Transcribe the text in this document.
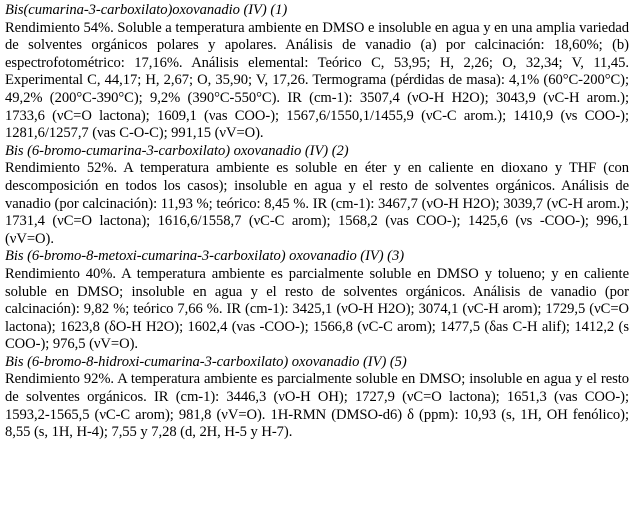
Bis(cumarina-3-carboxilato)oxovanadio (IV) (1)
Rendimiento 54%. Soluble a temperatura ambiente en DMSO e insoluble en agua y en una amplia variedad de solventes orgánicos polares y apolares. Análisis de vanadio (a) por calcinación: 18,60%; (b) espectrofotométrico: 17,16%. Análisis elemental: Teórico C, 53,95; H, 2,26; O, 32,34; V, 11,45. Experimental C, 44,17; H, 2,67; O, 35,90; V, 17,26. Termograma (pérdidas de masa): 4,1% (60°C-200°C); 49,2% (200°C-390°C); 9,2% (390°C-550°C). IR (cm-1): 3507,4 (νO-H H2O); 3043,9 (νC-H arom.); 1733,6 (νC=O lactona); 1609,1 (νas COO-); 1567,6/1550,1/1455,9 (νC-C arom.); 1410,9 (νs COO-); 1281,6/1257,7 (νas C-O-C); 991,15 (νV=O).
Bis (6-bromo-cumarina-3-carboxilato) oxovanadio (IV) (2)
Rendimiento 52%. A temperatura ambiente es soluble en éter y en caliente en dioxano y THF (con descomposición en todos los casos); insoluble en agua y el resto de solventes orgánicos. Análisis de vanadio (por calcinación): 11,93 %; teórico: 8,45 %. IR (cm-1): 3467,7 (νO-H H2O); 3039,7 (νC-H arom.); 1731,4 (νC=O lactona); 1616,6/1558,7 (νC-C arom); 1568,2 (νas COO-); 1425,6 (νs -COO-); 996,1 (νV=O).
Bis (6-bromo-8-metoxi-cumarina-3-carboxilato) oxovanadio (IV) (3)
Rendimiento 40%. A temperatura ambiente es parcialmente soluble en DMSO y tolueno; y en caliente soluble en DMSO; insoluble en agua y el resto de solventes orgánicos. Análisis de vanadio (por calcinación): 9,82 %; teórico 7,66 %. IR (cm-1): 3425,1 (νO-H H2O); 3074,1 (νC-H arom); 1729,5 (νC=O lactona); 1623,8 (δO-H H2O); 1602,4 (νas -COO-); 1566,8 (νC-C arom); 1477,5 (δas C-H alif); 1412,2 (s COO-); 976,5 (νV=O).
Bis (6-bromo-8-hidroxi-cumarina-3-carboxilato) oxovanadio (IV) (5)
Rendimiento 92%. A temperatura ambiente es parcialmente soluble en DMSO; insoluble en agua y el resto de solventes orgánicos. IR (cm-1): 3446,3 (νO-H OH); 1727,9 (νC=O lactona); 1651,3 (νas COO-); 1593,2-1565,5 (νC-C arom); 981,8 (νV=O). 1H-RMN (DMSO-d6) δ (ppm): 10,93 (s, 1H, OH fenólico); 8,55 (s, 1H, H-4); 7,55 y 7,28 (d, 2H, H-5 y H-7).
